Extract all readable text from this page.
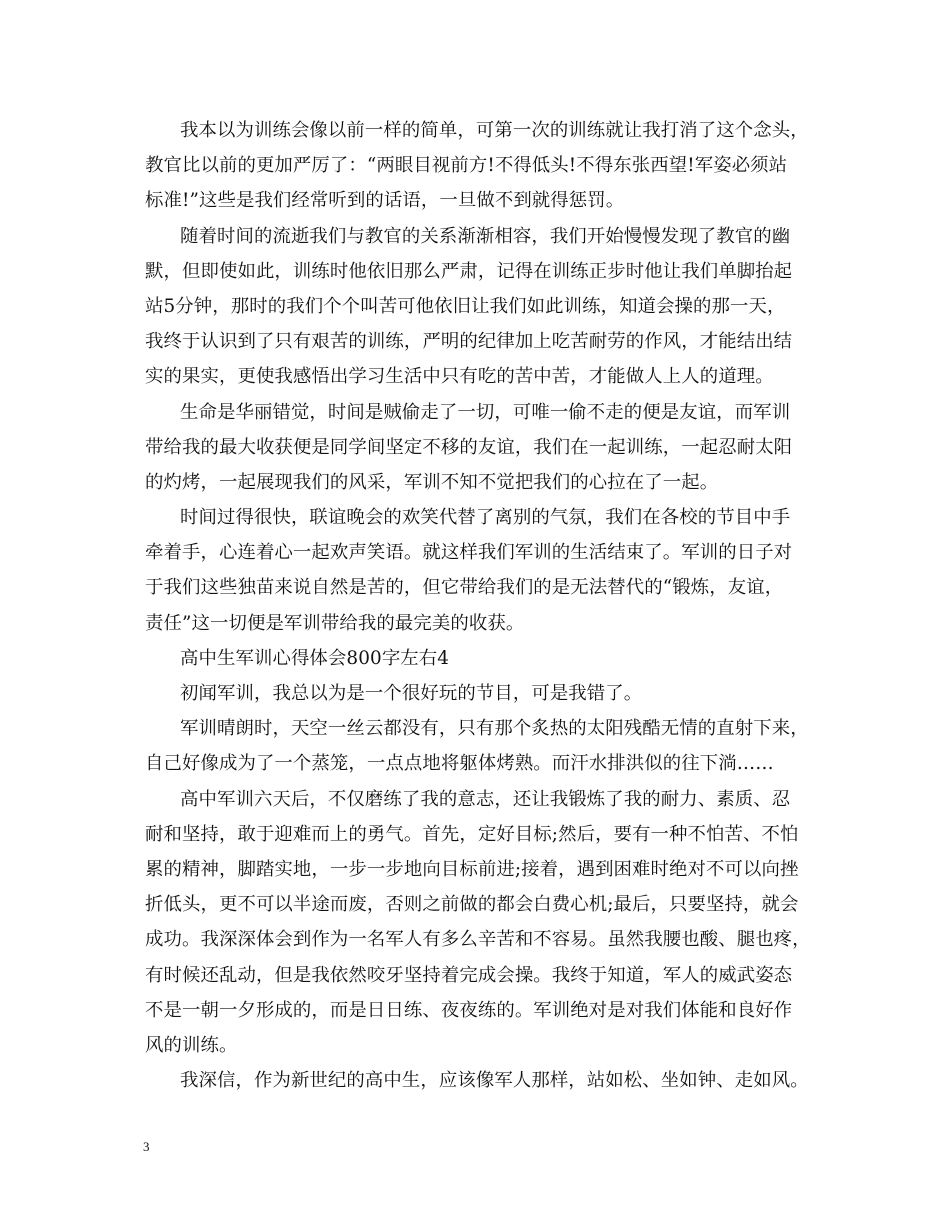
我本以为训练会像以前一样的简单，可第一次的训练就让我打消了这个念头，
教官比以前的更加严厉了：“两眼目视前方!不得低头!不得东张西望!军姿必须站
标准!”这些是我们经常听到的话语，一旦做不到就得惩罚。
随着时间的流逝我们与教官的关系渐渐相容，我们开始慢慢发现了教官的幽
默，但即使如此，训练时他依旧那么严肃，记得在训练正步时他让我们单脚抬起
站5分钟，那时的我们个个叫苦可他依旧让我们如此训练，知道会操的那一天，
我终于认识到了只有艰苦的训练，严明的纪律加上吃苦耐劳的作风，才能结出结
实的果实，更使我感悟出学习生活中只有吃的苦中苦，才能做人上人的道理。
生命是华丽错觉，时间是贼偷走了一切，可唯一偷不走的便是友谊，而军训
带给我的最大收获便是同学间坚定不移的友谊，我们在一起训练，一起忍耐太阳
的灼烤，一起展现我们的风采，军训不知不觉把我们的心拉在了一起。
时间过得很快，联谊晚会的欢笑代替了离别的气氛，我们在各校的节目中手
牵着手，心连着心一起欢声笑语。就这样我们军训的生活结束了。军训的日子对
于我们这些独苗来说自然是苦的，但它带给我们的是无法替代的“锻炼，友谊，
责任”这一切便是军训带给我的最完美的收获。
高中生军训心得体会800字左右4
初闻军训，我总以为是一个很好玩的节目，可是我错了。
军训晴朗时，天空一丝云都没有，只有那个炙热的太阳残酷无情的直射下来，
自己好像成为了一个蒸笼，一点点地将躯体烤熟。而汗水排洪似的往下淌……
高中军训六天后，不仅磨练了我的意志，还让我锻炼了我的耐力、素质、忍
耐和坚持，敢于迎难而上的勇气。首先，定好目标;然后，要有一种不怕苦、不怕
累的精神，脚踏实地，一步一步地向目标前进;接着，遇到困难时绝对不可以向挫
折低头，更不可以半途而废，否则之前做的都会白费心机;最后，只要坚持，就会
成功。我深深体会到作为一名军人有多么辛苦和不容易。虽然我腰也酸、腿也疼，
有时候还乱动，但是我依然咬牙坚持着完成会操。我终于知道，军人的威武姿态
不是一朝一夕形成的，而是日日练、夜夜练的。军训绝对是对我们体能和良好作
风的训练。
我深信，作为新世纪的高中生，应该像军人那样，站如松、坐如钟、走如风。
3
